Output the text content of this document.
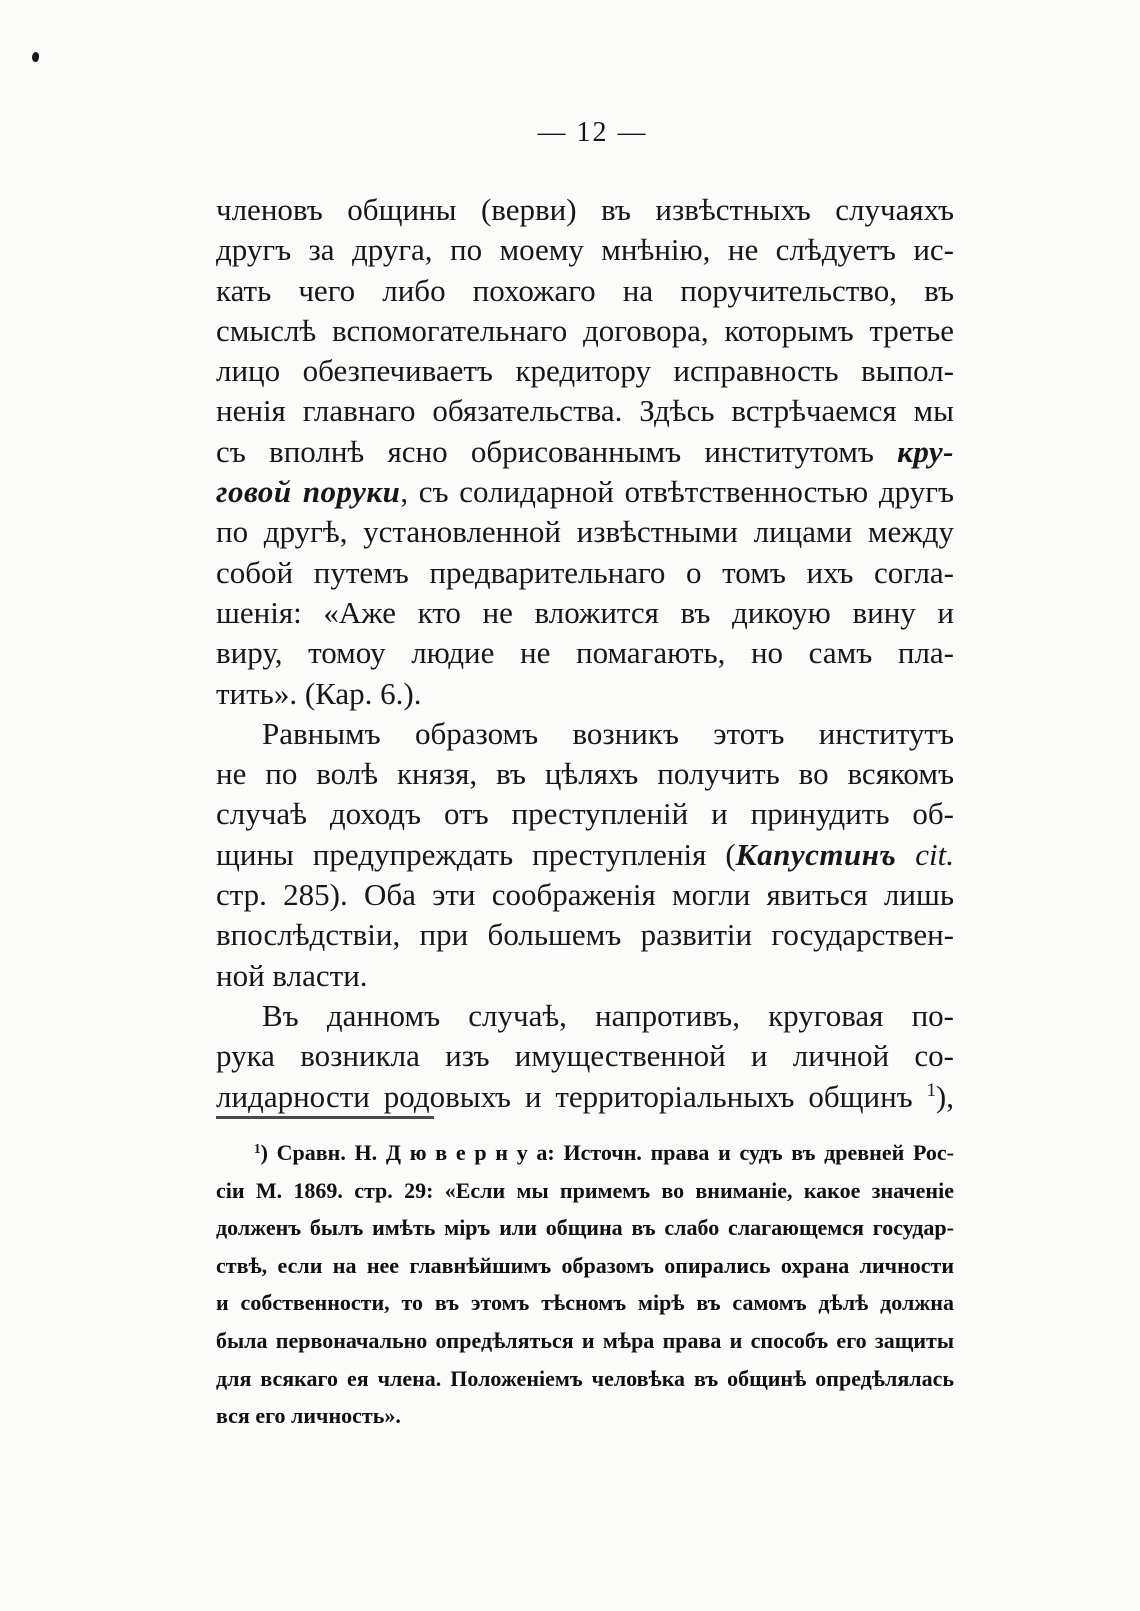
— 12 —
членовъ общины (верви) въ извѣстныхъ случаяхъ
другъ за друга, по моему мнѣнію, не слѣдуетъ ис-
кать чего либо похожаго на поручительство, въ
смыслѣ вспомогательнаго договора, которымъ третье
лицо обезпечиваетъ кредитору исправность выпол-
ненія главнаго обязательства. Здѣсь встрѣчаемся мы
съ вполнѣ ясно обрисованнымъ институтомъ кру-
говой поруки, съ солидарной отвѣтственностью другъ
по другѣ, установленной извѣстными лицами между
собой путемъ предварительнаго о томъ ихъ согла-
шенія: «Аже кто не вложится въ дикоую вину и
виру, томоу людие не помагають, но самъ пла-
тить». (Кар. 6.).
Равнымъ образомъ возникъ этотъ институтъ
не по волѣ князя, въ цѣляхъ получить во всякомъ
случаѣ доходъ отъ преступленій и принудить об-
щины предупреждать преступленія (Капустинъ cit.
стр. 285). Оба эти соображенія могли явиться лишь
впослѣдствіи, при большемъ развитіи государствен-
ной власти.
Въ данномъ случаѣ, напротивъ, круговая по-
рука возникла изъ имущественной и личной со-
лидарности родовыхъ и территоріальныхъ общинъ $^1$),
$^1$) Сравн. Н. Д ю в е р н у а: Источн. права и судъ въ древней Рос-
сіи М. 1869. стр. 29: «Если мы примемъ во вниманіе, какое значеніе
долженъ былъ имѣть міръ или община въ слабо слагающемся государ-
ствѣ, если на нее главнѣйшимъ образомъ опирались охрана личности
и собственности, то въ этомъ тѣсномъ мірѣ въ самомъ дѣлѣ должна
была первоначально опредѣляться и мѣра права и способъ его защиты
для всякаго ея члена. Положеніемъ человѣка въ общинѣ опредѣлялась
вся его личность».
